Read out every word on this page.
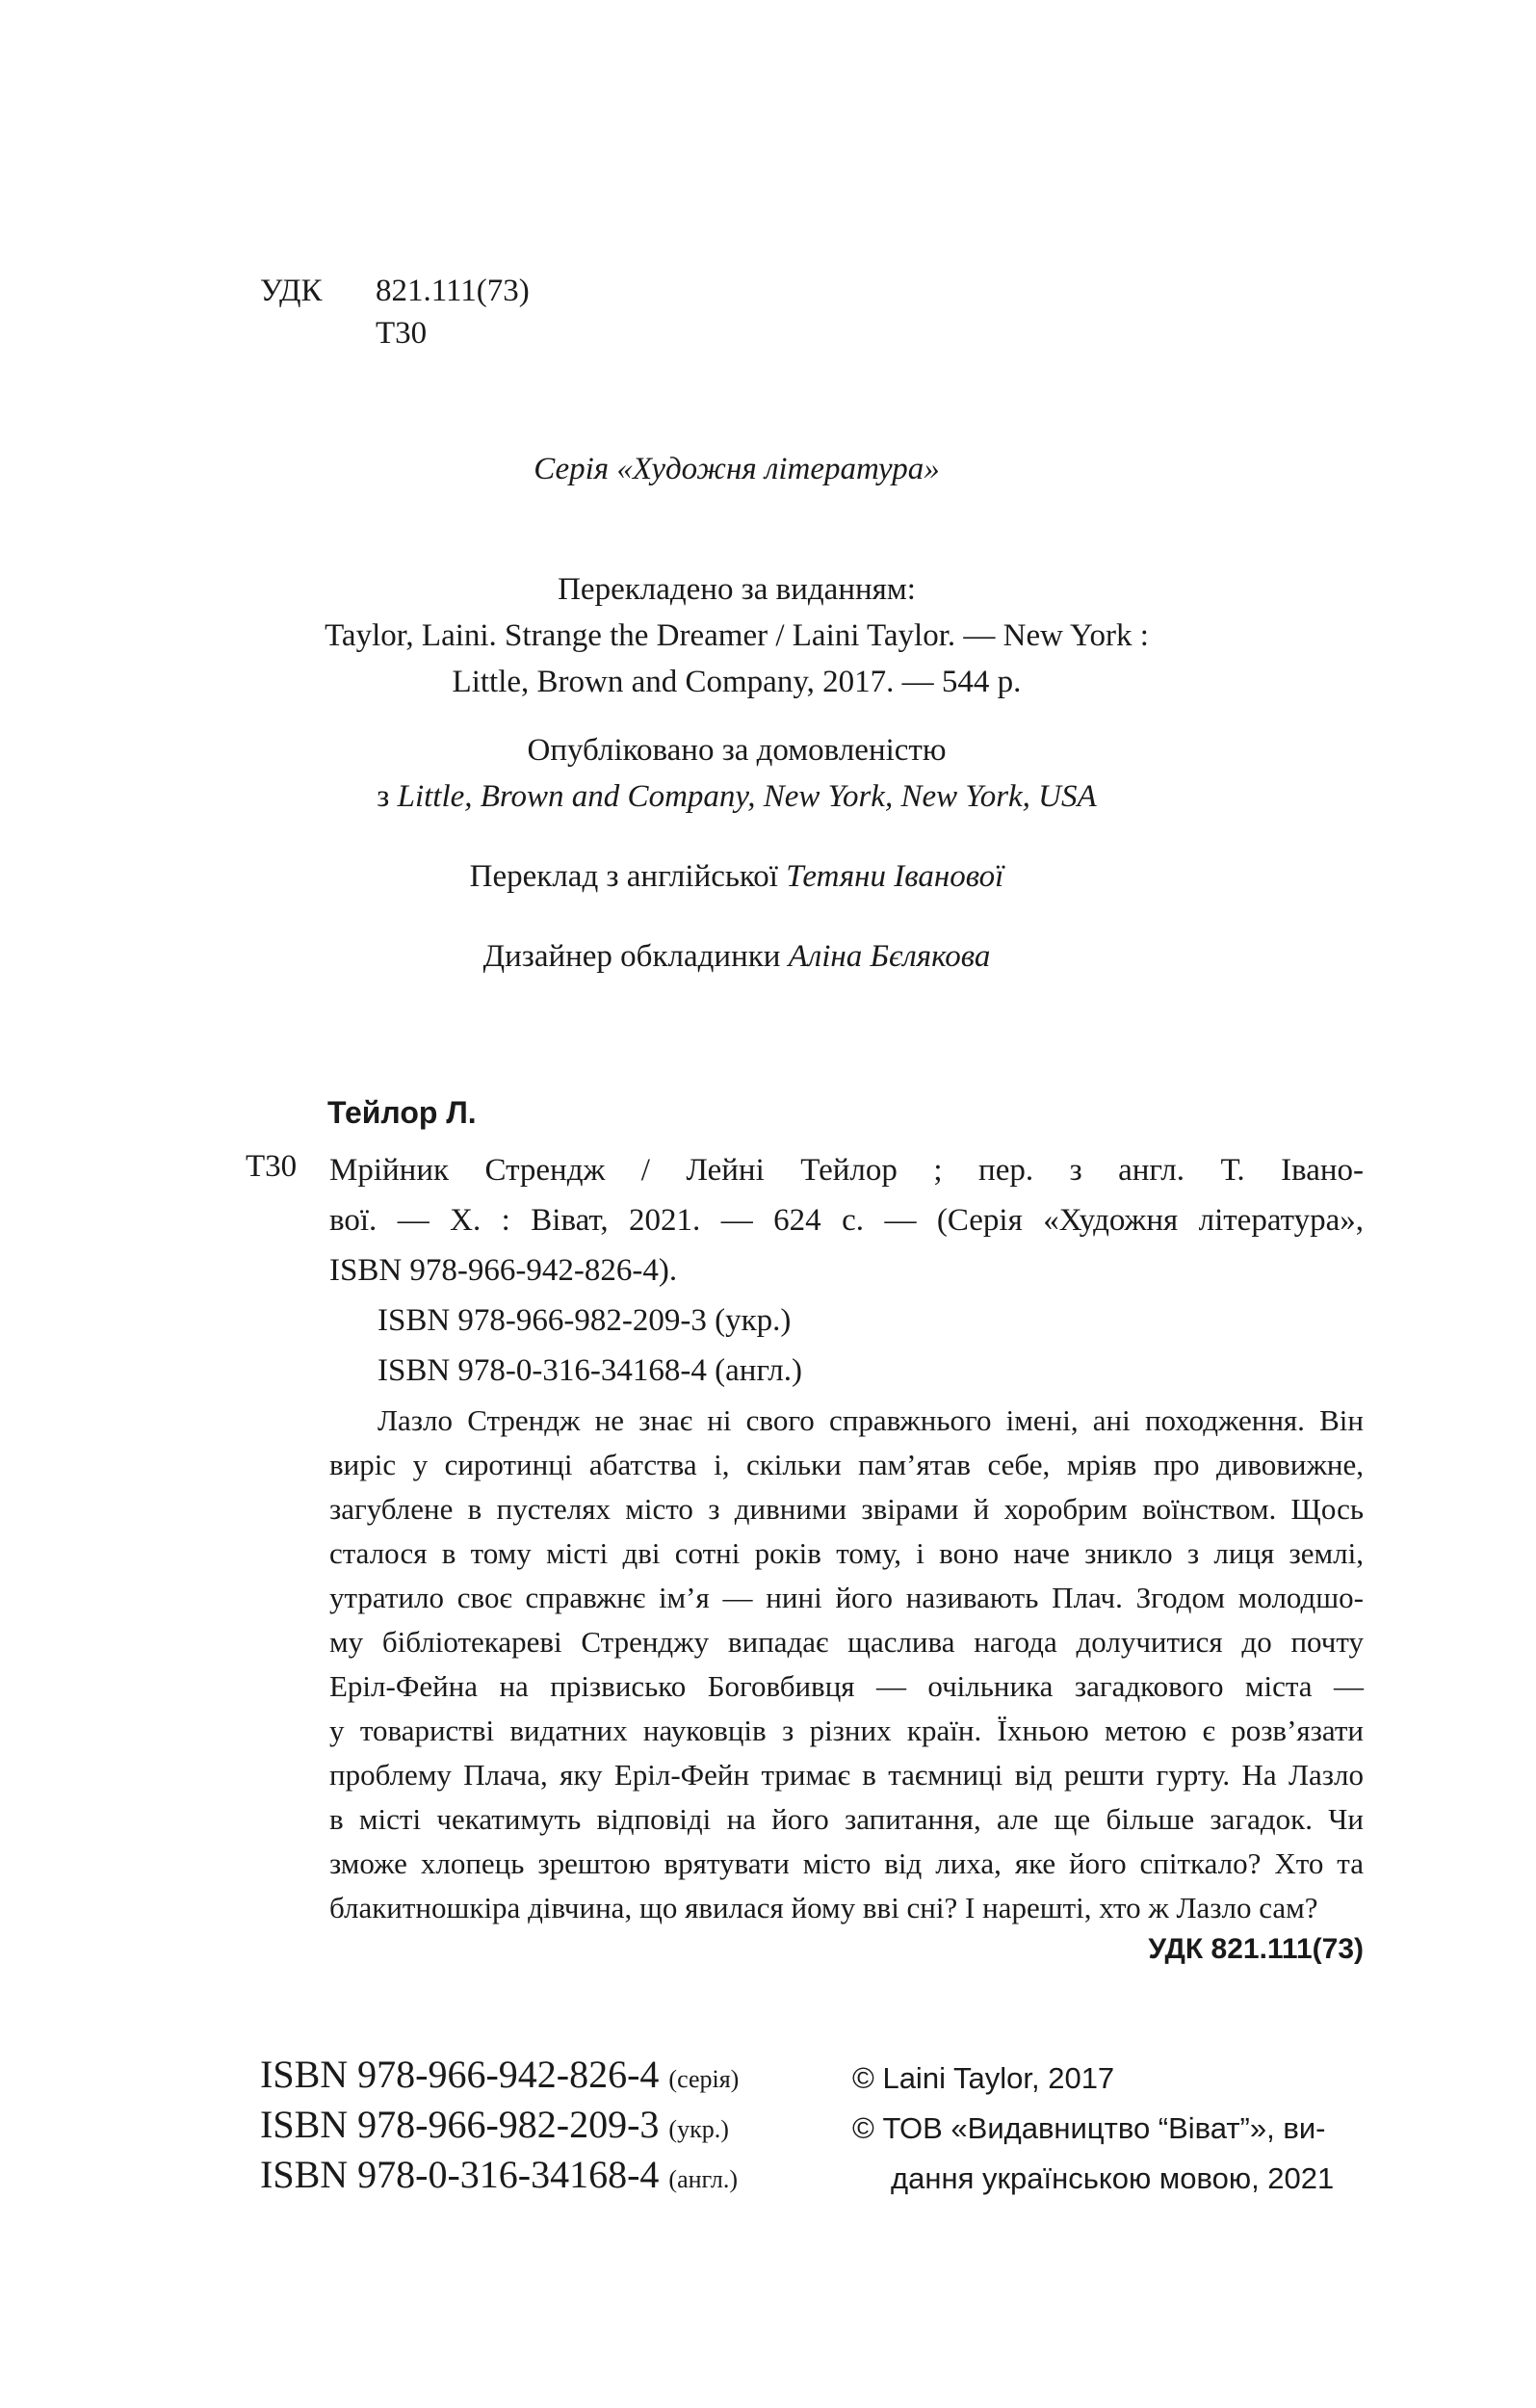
УДК	821.111(73)
Т30
Серія «Художня література»
Перекладено за виданням:
Taylor, Laini. Strange the Dreamer / Laini Taylor. — New York :
Little, Brown and Company, 2017. — 544 p.
Опубліковано за домовленістю
з Little, Brown and Company, New York, New York, USA
Переклад з англійської Тетяни Іванової
Дизайнер обкладинки Аліна Бєлякова
Тейлор Л.
Т30 Мрійник Стрендж / Лейні Тейлор ; пер. з англ. Т. Івано-
вої. — Х. : Віват, 2021. — 624 с. — (Серія «Художня література»,
ISBN 978-966-942-826-4).
ISBN 978-966-982-209-3 (укр.)
ISBN 978-0-316-34168-4 (англ.)
Лазло Стрендж не знає ні свого справжнього імені, ані походження. Він
виріс у сиротинці абатства і, скільки пам’ятав себе, мріяв про дивовижне,
загублене в пустелях місто з дивними звірами й хоробрим воїнством. Щось
сталося в тому місті дві сотні років тому, і воно наче зникло з лиця землі,
утратило своє справжнє ім’я — нині його називають Плач. Згодом молодшо-
му бібліотекареві Стренджу випадає щаслива нагода долучитися до почту
Еріл-Фейна на прізвисько Боговбивця — очільника загадкового міста —
у товаристві видатних науковців з різних країн. Їхньою метою є розв’язати
проблему Плача, яку Еріл-Фейн тримає в таємниці від решти гурту. На Лазло
в місті чекатимуть відповіді на його запитання, але ще більше загадок. Чи
зможе хлопець зрештою врятувати місто від лиха, яке його спіткало? Хто та
блакитношкіра дівчина, що явилася йому вві сні? І нарешті, хто ж Лазло сам?
УДК 821.111(73)
ISBN 978-966-942-826-4 (серія)
ISBN 978-966-982-209-3 (укр.)
ISBN 978-0-316-34168-4 (англ.)
© Laini Taylor, 2017
© ТОВ «Видавництво “Віват”», ви-
дання українською мовою, 2021
